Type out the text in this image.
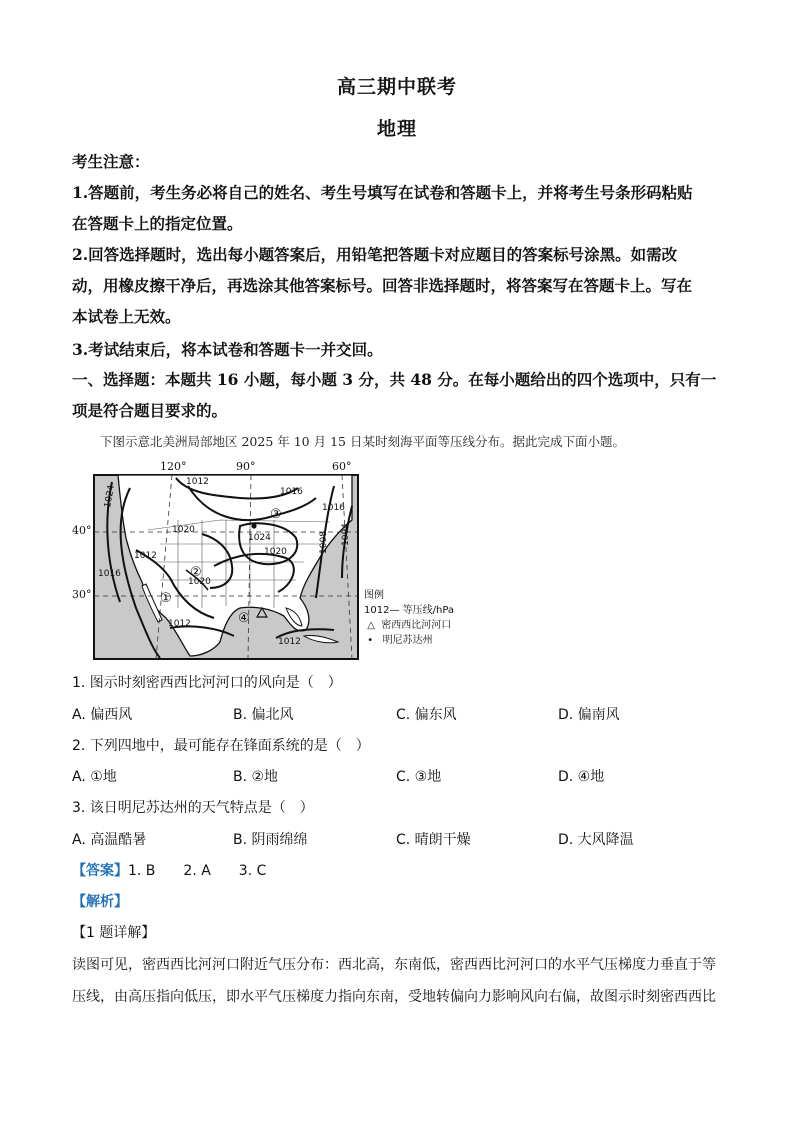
高三期中联考
地理
考生注意：
1.答题前，考生务必将自己的姓名、考生号填写在试卷和答题卡上，并将考生号条形码粘贴
在答题卡上的指定位置。
2.回答选择题时，选出每小题答案后，用铅笔把答题卡对应题目的答案标号涂黑。如需改
动，用橡皮擦干净后，再选涂其他答案标号。回答非选择题时，将答案写在答题卡上。写在
本试卷上无效。
3.考试结束后，将本试卷和答题卡一并交回。
一、选择题：本题共 16 小题，每小题 3 分，共 48 分。在每小题给出的四个选项中，只有一
项是符合题目要求的。
下图示意北美洲局部地区 2025 年 10 月 15 日某时刻海平面等压线分布。据此完成下面小题。
120°	90°	60°
1024
1012
1016
1016
1020
1024
1020
1012
1020
1016
1008 1004
1012
1012
①
②
③
④
40°
30°	图例
1012— 等压线/hPa
△ 密西西比河河口
• 明尼苏达州
1. 图示时刻密西西比河河口的风向是（　）
A. 偏西风	B. 偏北风	C. 偏东风	D. 偏南风
2. 下列四地中，最可能存在锋面系统的是（　）
A. ①地	B. ②地	C. ③地	D. ④地
3. 该日明尼苏达州的天气特点是（　）
A. 高温酷暑	B. 阴雨绵绵	C. 晴朗干燥	D. 大风降温
【答案】1. B　　2. A　　3. C
【解析】
【1 题详解】
读图可见，密西西比河河口附近气压分布：西北高，东南低，密西西比河河口的水平气压梯度力垂直于等
压线，由高压指向低压，即水平气压梯度力指向东南，受地转偏向力影响风向右偏，故图示时刻密西西比
